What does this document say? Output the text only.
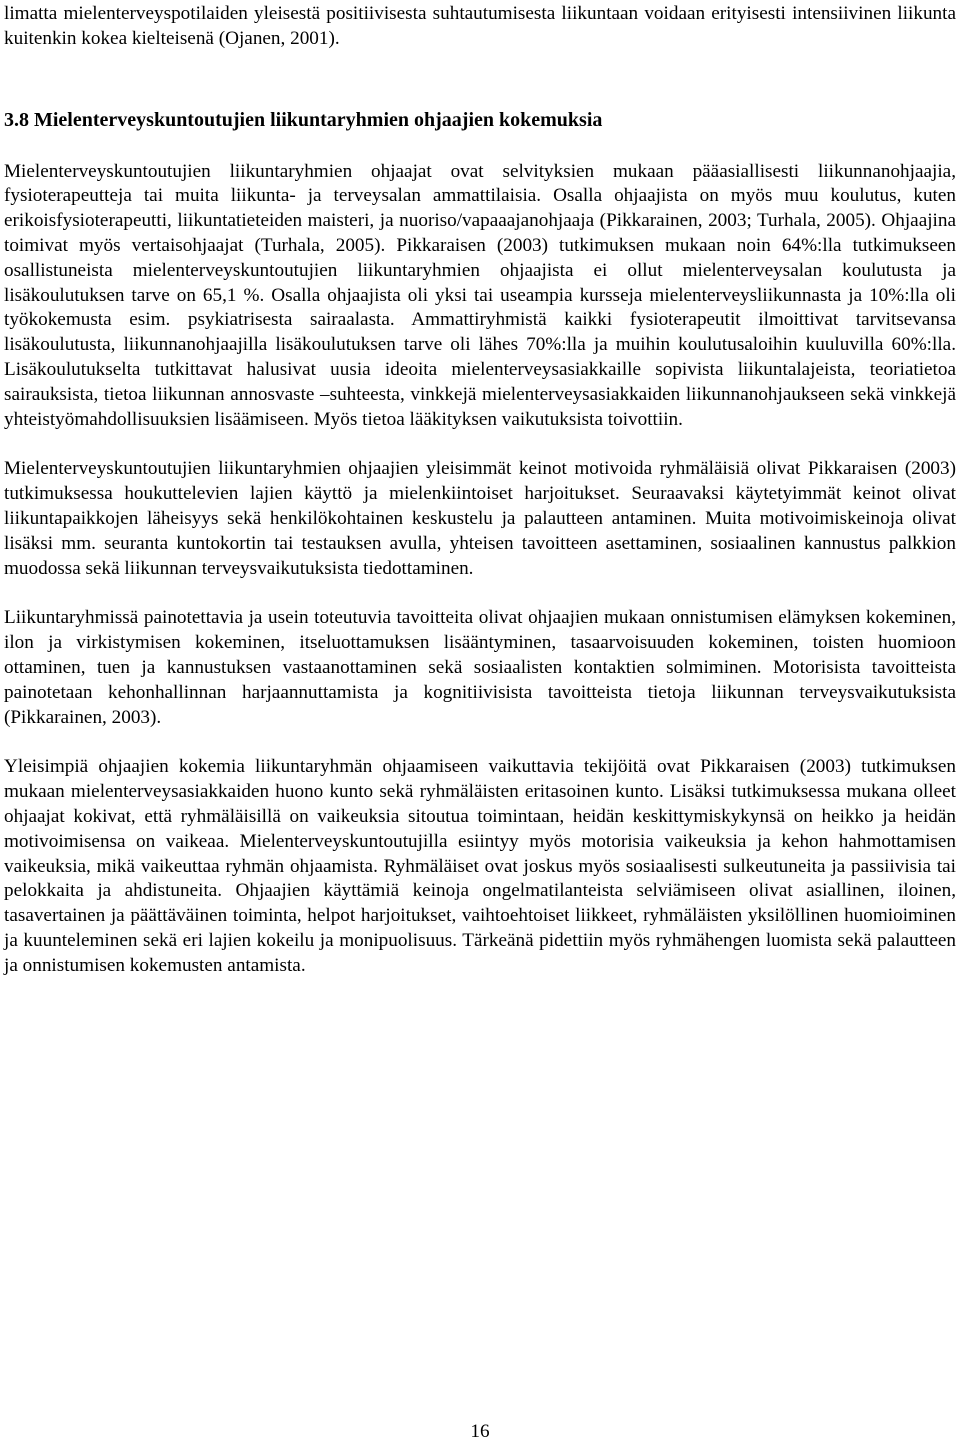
limatta mielenterveyspotilaiden yleisestä positiivisesta suhtautumisesta liikuntaan voidaan erityisesti intensiivinen liikunta kuitenkin kokea kielteisenä (Ojanen, 2001).

3.8 Mielenterveyskuntoutujien liikuntaryhmien ohjaajien kokemuksia

Mielenterveyskuntoutujien liikuntaryhmien ohjaajat ovat selvityksien mukaan pääasiallisesti liikunnanohjaajia, fysioterapeutteja tai muita liikunta- ja terveysalan ammattilaisia. Osalla ohjaajista on myös muu koulutus, kuten erikoisfysioterapeutti, liikuntatieteiden maisteri, ja nuoriso/vapaaajanohjaaja (Pikkarainen, 2003; Turhala, 2005). Ohjaajina toimivat myös vertaisohjaajat (Turhala, 2005). Pikkaraisen (2003) tutkimuksen mukaan noin 64%:lla tutkimukseen osallistuneista mielenterveyskuntoutujien liikuntaryhmien ohjaajista ei ollut mielenterveysalan koulutusta ja lisäkoulutuksen tarve on 65,1 %. Osalla ohjaajista oli yksi tai useampia kursseja mielenterveysliikunnasta ja 10%:lla oli työkokemusta esim. psykiatrisesta sairaalasta. Ammattiryhmistä kaikki fysioterapeutit ilmoittivat tarvitsevansa lisäkoulutusta, liikunnanohjaajilla lisäkoulutuksen tarve oli lähes 70%:lla ja muihin koulutusaloihin kuuluvilla 60%:lla. Lisäkoulutukselta tutkittavat halusivat uusia ideoita mielenterveysasiakkaille sopivista liikuntalajeista, teoriatietoa sairauksista, tietoa liikunnan annosvaste –suhteesta, vinkkejä mielenterveysasiakkaiden liikunnanohjaukseen sekä vinkkejä yhteistyömahdollisuuksien lisäämiseen. Myös tietoa lääkityksen vaikutuksista toivottiin.

Mielenterveyskuntoutujien liikuntaryhmien ohjaajien yleisimmät keinot motivoida ryhmäläisiä olivat Pikkaraisen (2003) tutkimuksessa houkuttelevien lajien käyttö ja mielenkiintoiset harjoitukset. Seuraavaksi käytetyimmät keinot olivat liikuntapaikkojen läheisyys sekä henkilökohtainen keskustelu ja palautteen antaminen. Muita motivoimiskeinoja olivat lisäksi mm. seuranta kuntokortin tai testauksen avulla, yhteisen tavoitteen asettaminen, sosiaalinen kannustus palkkion muodossa sekä liikunnan terveysvaikutuksista tiedottaminen.

Liikuntaryhmissä painotettavia ja usein toteutuvia tavoitteita olivat ohjaajien mukaan onnistumisen elämyksen kokeminen, ilon ja virkistymisen kokeminen, itseluottamuksen lisääntyminen, tasaarvoisuuden kokeminen, toisten huomioon ottaminen, tuen ja kannustuksen vastaanottaminen sekä sosiaalisten kontaktien solmiminen. Motorisista tavoitteista painotetaan kehonhallinnan harjaannuttamista ja kognitiivisista tavoitteista tietoja liikunnan terveysvaikutuksista (Pikkarainen, 2003).

Yleisimpiä ohjaajien kokemia liikuntaryhmän ohjaamiseen vaikuttavia tekijöitä ovat Pikkaraisen (2003) tutkimuksen mukaan mielenterveysasiakkaiden huono kunto sekä ryhmäläisten eritasoinen kunto. Lisäksi tutkimuksessa mukana olleet ohjaajat kokivat, että ryhmäläisillä on vaikeuksia sitoutua toimintaan, heidän keskittymiskykynsä on heikko ja heidän motivoimisensa on vaikeaa. Mielenterveyskuntoutujilla esiintyy myös motorisia vaikeuksia ja kehon hahmottamisen vaikeuksia, mikä vaikeuttaa ryhmän ohjaamista. Ryhmäläiset ovat joskus myös sosiaalisesti sulkeutuneita ja passiivisia tai pelokkaita ja ahdistuneita. Ohjaajien käyttämiä keinoja ongelmatilanteista selviämiseen olivat asiallinen, iloinen, tasavertainen ja päättäväinen toiminta, helpot harjoitukset, vaihtoehtoiset liikkeet, ryhmäläisten yksilöllinen huomioiminen ja kuunteleminen sekä eri lajien kokeilu ja monipuolisuus. Tärkeänä pidettiin myös ryhmähengen luomista sekä palautteen ja onnistumisen kokemusten antamista.

16
